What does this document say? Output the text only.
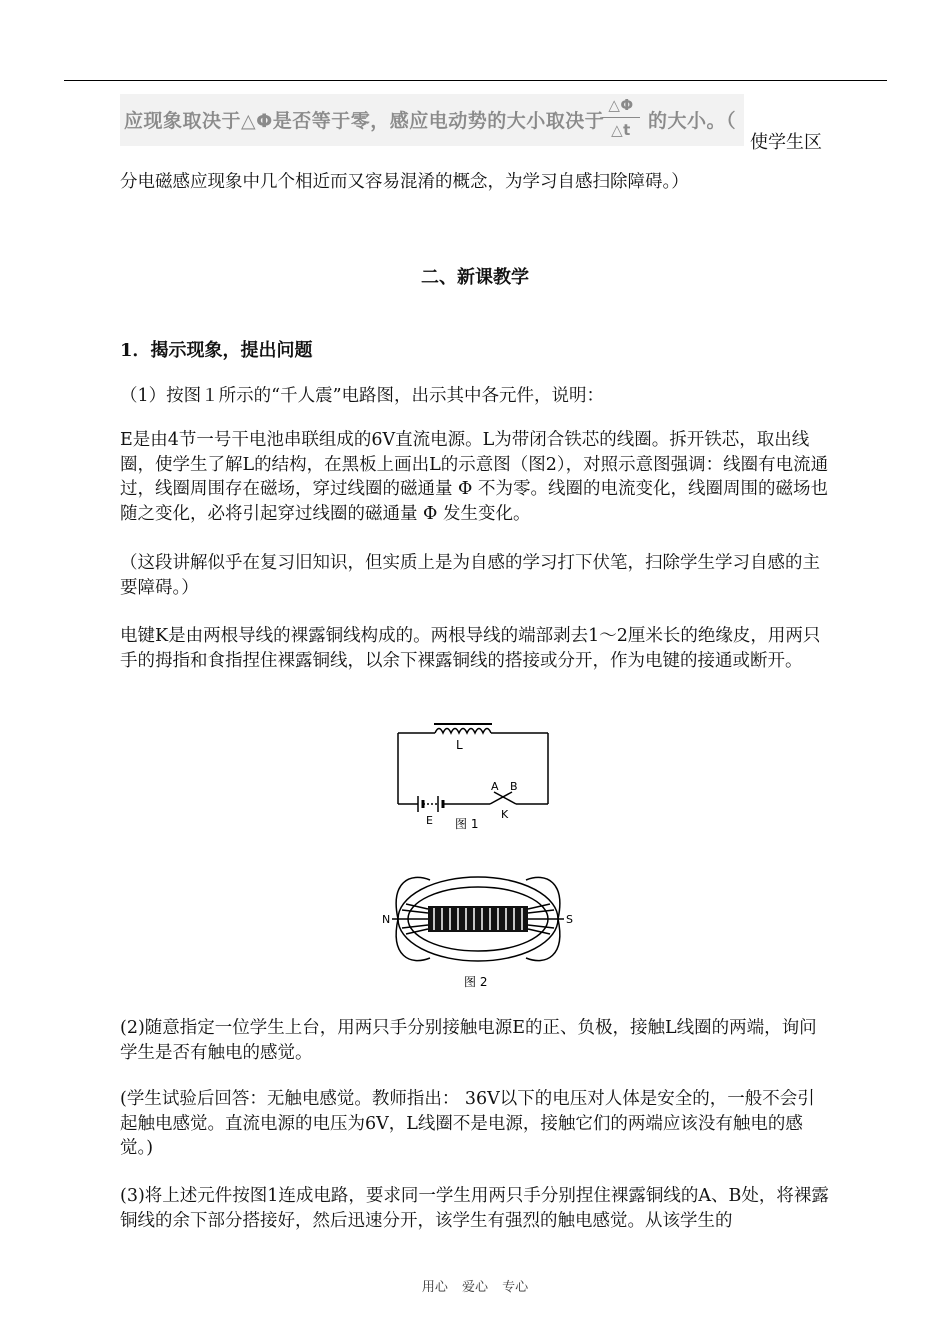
应现象取决于△Φ是否等于零，感应电动势的大小取决于
△Φ
△t 的大小。（
使学生区
分电磁感应现象中几个相近而又容易混淆的概念，为学习自感扫除障碍。）
二、新课教学
1．揭示现象，提出问题
（1）按图１所示的“千人震”电路图，出示其中各元件，说明：
E是由4节一号干电池串联组成的6V直流电源。L为带闭合铁芯的线圈。拆开铁芯，取出线圈，使学生了解L的结构，在黑板上画出L的示意图（图2），对照示意图强调：线圈有电流通过，线圈周围存在磁场，穿过线圈的磁通量 Φ 不为零。线圈的电流变化，线圈周围的磁场也随之变化，必将引起穿过线圈的磁通量 Φ 发生变化。
（这段讲解似乎在复习旧知识，但实质上是为自感的学习打下伏笔，扫除学生学习自感的主要障碍。）
电键K是由两根导线的裸露铜线构成的。两根导线的端部剥去1～2厘米长的绝缘皮，用两只手的拇指和食指捏住裸露铜线，以余下裸露铜线的搭接或分开，作为电键的接通或断开。
L
A B
K
E 图 1
N	S
图 2
(2)随意指定一位学生上台，用两只手分别接触电源E的正、负极，接触L线圈的两端，询问学生是否有触电的感觉。
(学生试验后回答：无触电感觉。教师指出： 36V以下的电压对人体是安全的，一般不会引起触电感觉。直流电源的电压为6V，L线圈不是电源，接触它们的两端应该没有触电的感觉。)
(3)将上述元件按图1连成电路，要求同一学生用两只手分别捏住裸露铜线的A、B处，将裸露铜线的余下部分搭接好，然后迅速分开，该学生有强烈的触电感觉。从该学生的
用心 爱心 专心
